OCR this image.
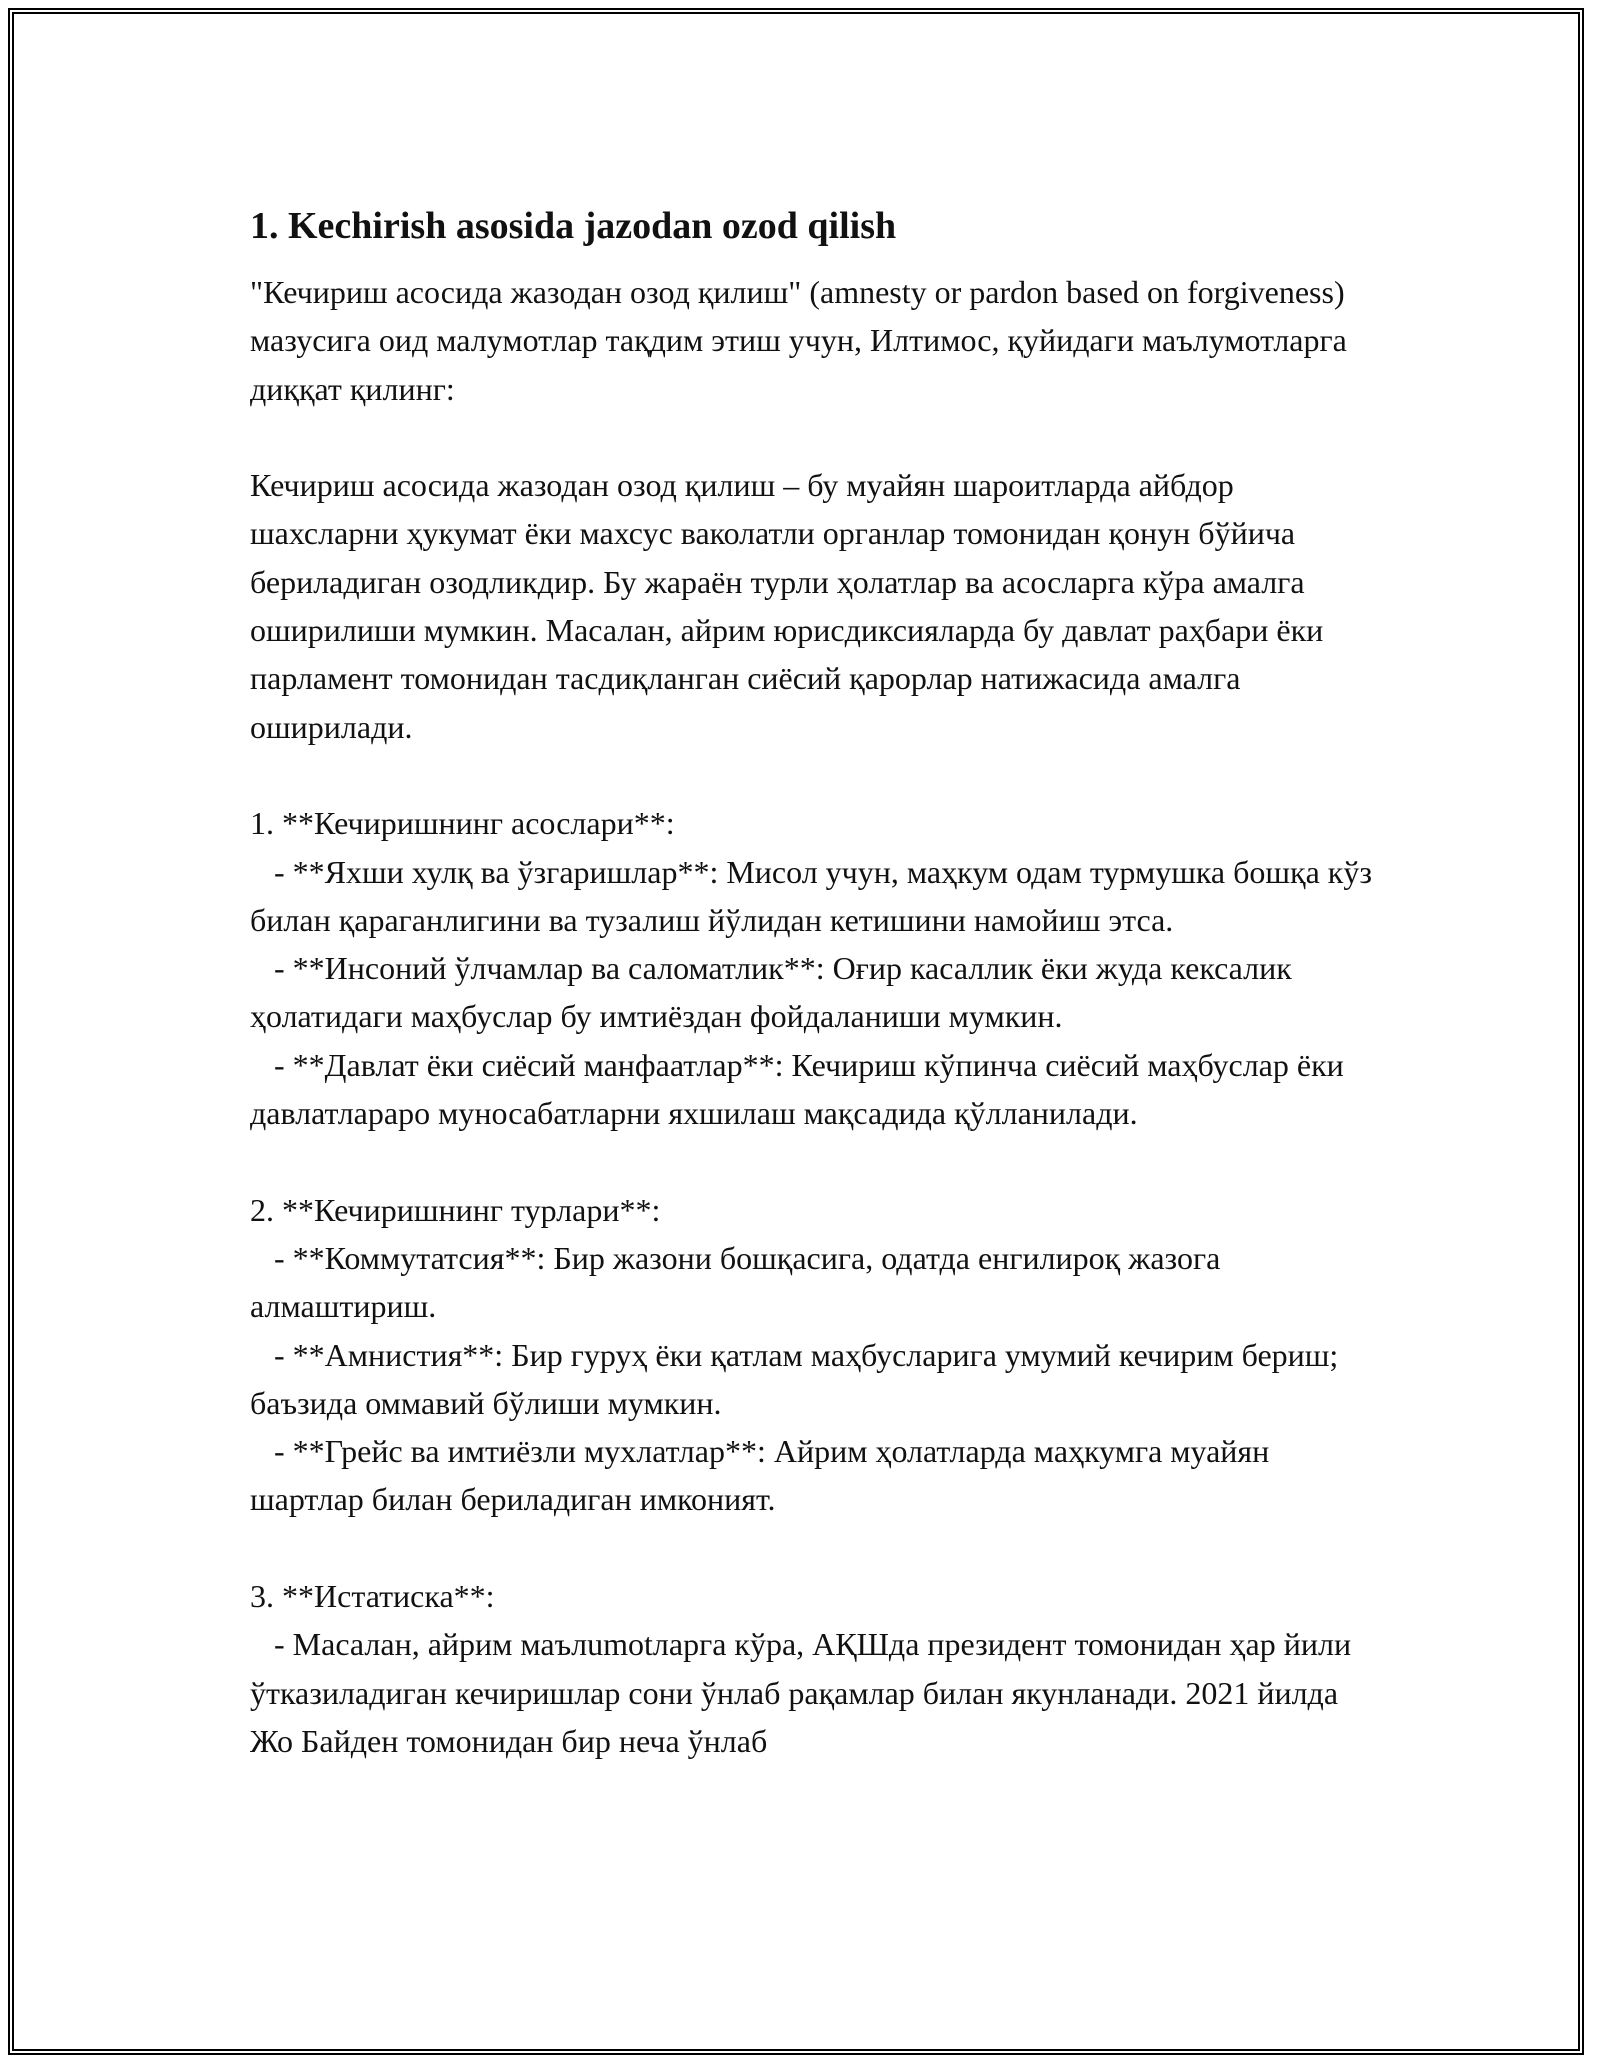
1. Kechirish asosida jazodan ozod qilish

"Кечириш асосида жазодан озод қилиш" (amnesty or pardon based on forgiveness) мазусига оид малумотлар тақдим этиш учун, Илтимос, қуйидаги маълумотларга диққат қилинг:

Кечириш асосида жазодан озод қилиш – бу муайян шароитларда айбдор шахсларни ҳукумат ёки махсус ваколатли органлар томонидан қонун бўйича бериладиган озодликдир. Бу жараён турли ҳолатлар ва асосларга кўра амалга оширилиши мумкин. Масалан, айрим юрисдиксияларда бу давлат раҳбари ёки парламент томонидан тасдиқланган сиёсий қарорлар натижасида амалга оширилади.

1. **Кечиришнинг асослари**:
- **Яхши хулқ ва ўзгаришлар**: Мисол учун, маҳкум одам турмушка бошқа кўз билан қараганлигини ва тузалиш йўлидан кетишини намойиш этса.
- **Инсоний ўлчамлар ва саломатлик**: Оғир касаллик ёки жуда кексалик ҳолатидаги маҳбуслар бу имтиёздан фойдаланиши мумкин.
- **Давлат ёки сиёсий манфаатлар**: Кечириш кўпинча сиёсий маҳбуслар ёки давлатлараро муносабатларни яхшилаш мақсадида қўлланилади.

2. **Кечиришнинг турлари**:
- **Коммутатсия**: Бир жазони бошқасига, одатда енгилироқ жазога алмаштириш.
- **Амнистия**: Бир гуруҳ ёки қатлам маҳбусларига умумий кечирим бериш; баъзида оммавий бўлиши мумкин.
- **Грейс ва имтиёзли мухлатлар**: Айрим ҳолатларда маҳкумга муайян шартлар билан бериладиган имконият.

3. **Истатиска**:
- Масалан, айрим маълumotларга кўра, АҚШда президент томонидан ҳар йили ўтказиладиган кечиришлар сони ўнлаб рақамлар билан якунланади. 2021 йилда Жо Байден томонидан бир неча ўнлаб
